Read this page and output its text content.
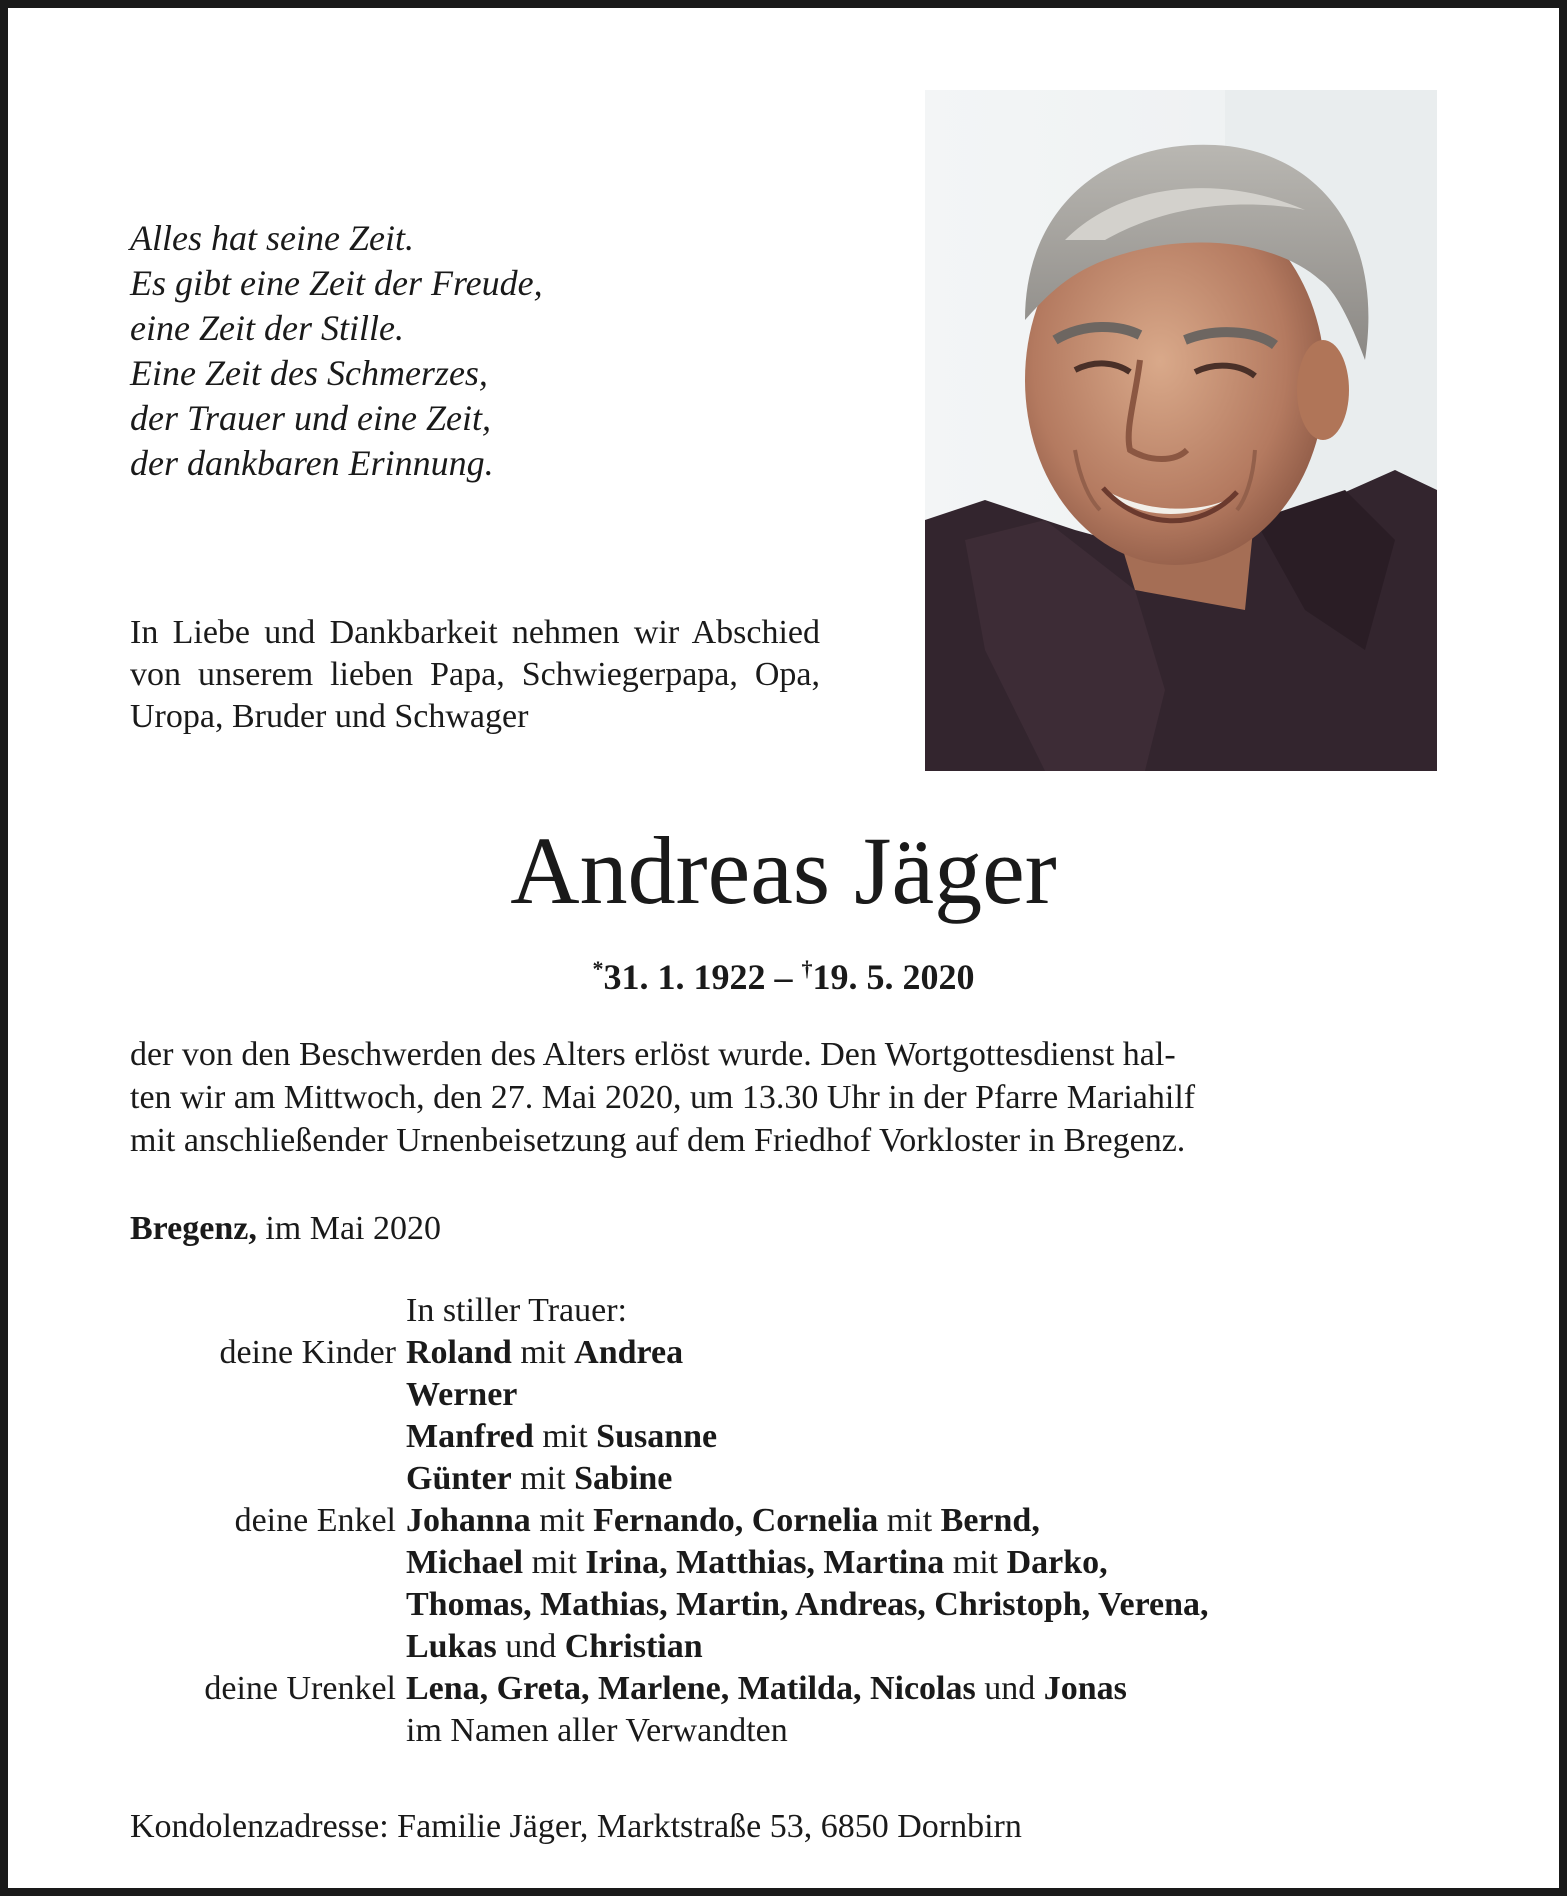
Alles hat seine Zeit.
Es gibt eine Zeit der Freude,
eine Zeit der Stille.
Eine Zeit des Schmerzes,
der Trauer und eine Zeit,
der dankbaren Erinnung.
In Liebe und Dankbarkeit nehmen wir Abschied von unserem lieben Papa, Schwiegerpapa, Opa, Uropa, Bruder und Schwager
Andreas Jäger
*31. 1. 1922 – †19. 5. 2020
der von den Beschwerden des Alters erlöst wurde. Den Wortgottesdienst hal-
ten wir am Mittwoch, den 27. Mai 2020, um 13.30 Uhr in der Pfarre Mariahilf
mit anschließender Urnenbeisetzung auf dem Friedhof Vorkloster in Bregenz.
Bregenz, im Mai 2020
In stiller Trauer:
deine Kinder Roland mit Andrea
Werner
Manfred mit Susanne
Günter mit Sabine
deine Enkel Johanna mit Fernando, Cornelia mit Bernd,
Michael mit Irina, Matthias, Martina mit Darko,
Thomas, Mathias, Martin, Andreas, Christoph, Verena,
Lukas und Christian
deine Urenkel Lena, Greta, Marlene, Matilda, Nicolas und Jonas
im Namen aller Verwandten
Kondolenzadresse: Familie Jäger, Marktstraße 53, 6850 Dornbirn
